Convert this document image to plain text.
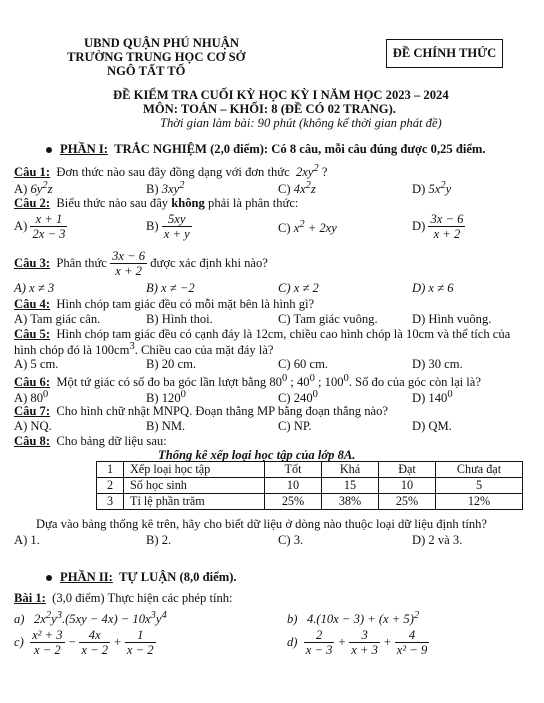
UBND QUẬN PHÚ NHUẬN
TRƯỜNG TRUNG HỌC CƠ SỞ
NGÔ TẤT TỐ
ĐỀ CHÍNH THỨC
ĐỀ KIỂM TRA CUỐI KỲ HỌC KỲ I NĂM HỌC 2023 – 2024
MÔN: TOÁN – KHỐI: 8 (ĐỀ CÓ 02 TRANG).
Thời gian làm bài: 90 phút (không kể thời gian phát đề)
PHẦN I: TRẮC NGHIỆM (2,0 điểm): Có 8 câu, mỗi câu đúng được 0,25 điểm.
Câu 1: Đơn thức nào sau đây đồng dạng với đơn thức $2xy^2$ ?
A) $6y^2z$	B) $3xy^2$	C) $4x^2z$	D) $5x^2y$
Câu 2: Biểu thức nào sau đây không phải là phân thức:
$A) \frac{x + 1}{2x - 3}$	$B) \frac{5xy}{x + y}$	C) $x^2 + 2xy$	$D) \frac{3x - 6}{x + 2}$
Câu 3: Phân thức $\frac{3x - 6}{x + 2}$ được xác định khi nào?
A) x ≠ 3	B) x ≠ −2	C) x ≠ 2	D) x ≠ 6
Câu 4: Hình chóp tam giác đều có mỗi mặt bên là hình gì?
A) Tam giác cân.	B) Hình thoi.	C) Tam giác vuông.	D) Hình vuông.
Câu 5: Hình chóp tam giác đều có cạnh đáy là 12cm, chiều cao hình chóp là 10cm và thể tích của
hình chóp đó là $100cm^3$. Chiều cao của mặt đáy là?
A) 5 cm.	B) 20 cm.	C) 60 cm.	D) 30 cm.
Câu 6: Một tứ giác có số đo ba góc lần lượt bằng $80^0$ ; $40^0$ ; $100^0$. Số đo của góc còn lại là?
A) $80^0$	B) $120^0$	C) $240^0$	D) $140^0$
Câu 7: Cho hình chữ nhật MNPQ. Đoạn thẳng MP bằng đoạn thẳng nào?
A) NQ.	B) NM.	C) NP.	D) QM.
Câu 8: Cho bảng dữ liệu sau:
Thống kê xếp loại học tập của lớp 8A.
1	Xếp loại học tập	Tốt	Khá	Đạt	Chưa đạt
2	Số học sinh	10	15	10	5
3	Tỉ lệ phần trăm	25%	38%	25%	12%
Dựa vào bảng thống kê trên, hãy cho biết dữ liệu ở dòng nào thuộc loại dữ liệu định tính?
A) 1.	B) 2.	C) 3.	D) 2 và 3.
PHẦN II: TỰ LUẬN (8,0 điểm).
Bài 1: (3,0 điểm) Thực hiện các phép tính:
a) $2x^2y^3.(5xy - 4x) - 10x^3y^4$	b) $4.(10x - 3) + (x + 5)^2$
$c) \frac{\text{x² + 3}}{x - 2} - \frac{4x}{x - 2} + \frac{1}{x - 2}$	$d) \frac{2}{x - 3} + \frac{3}{x + 3} + \frac{4}{\text{x² − 9}}$
